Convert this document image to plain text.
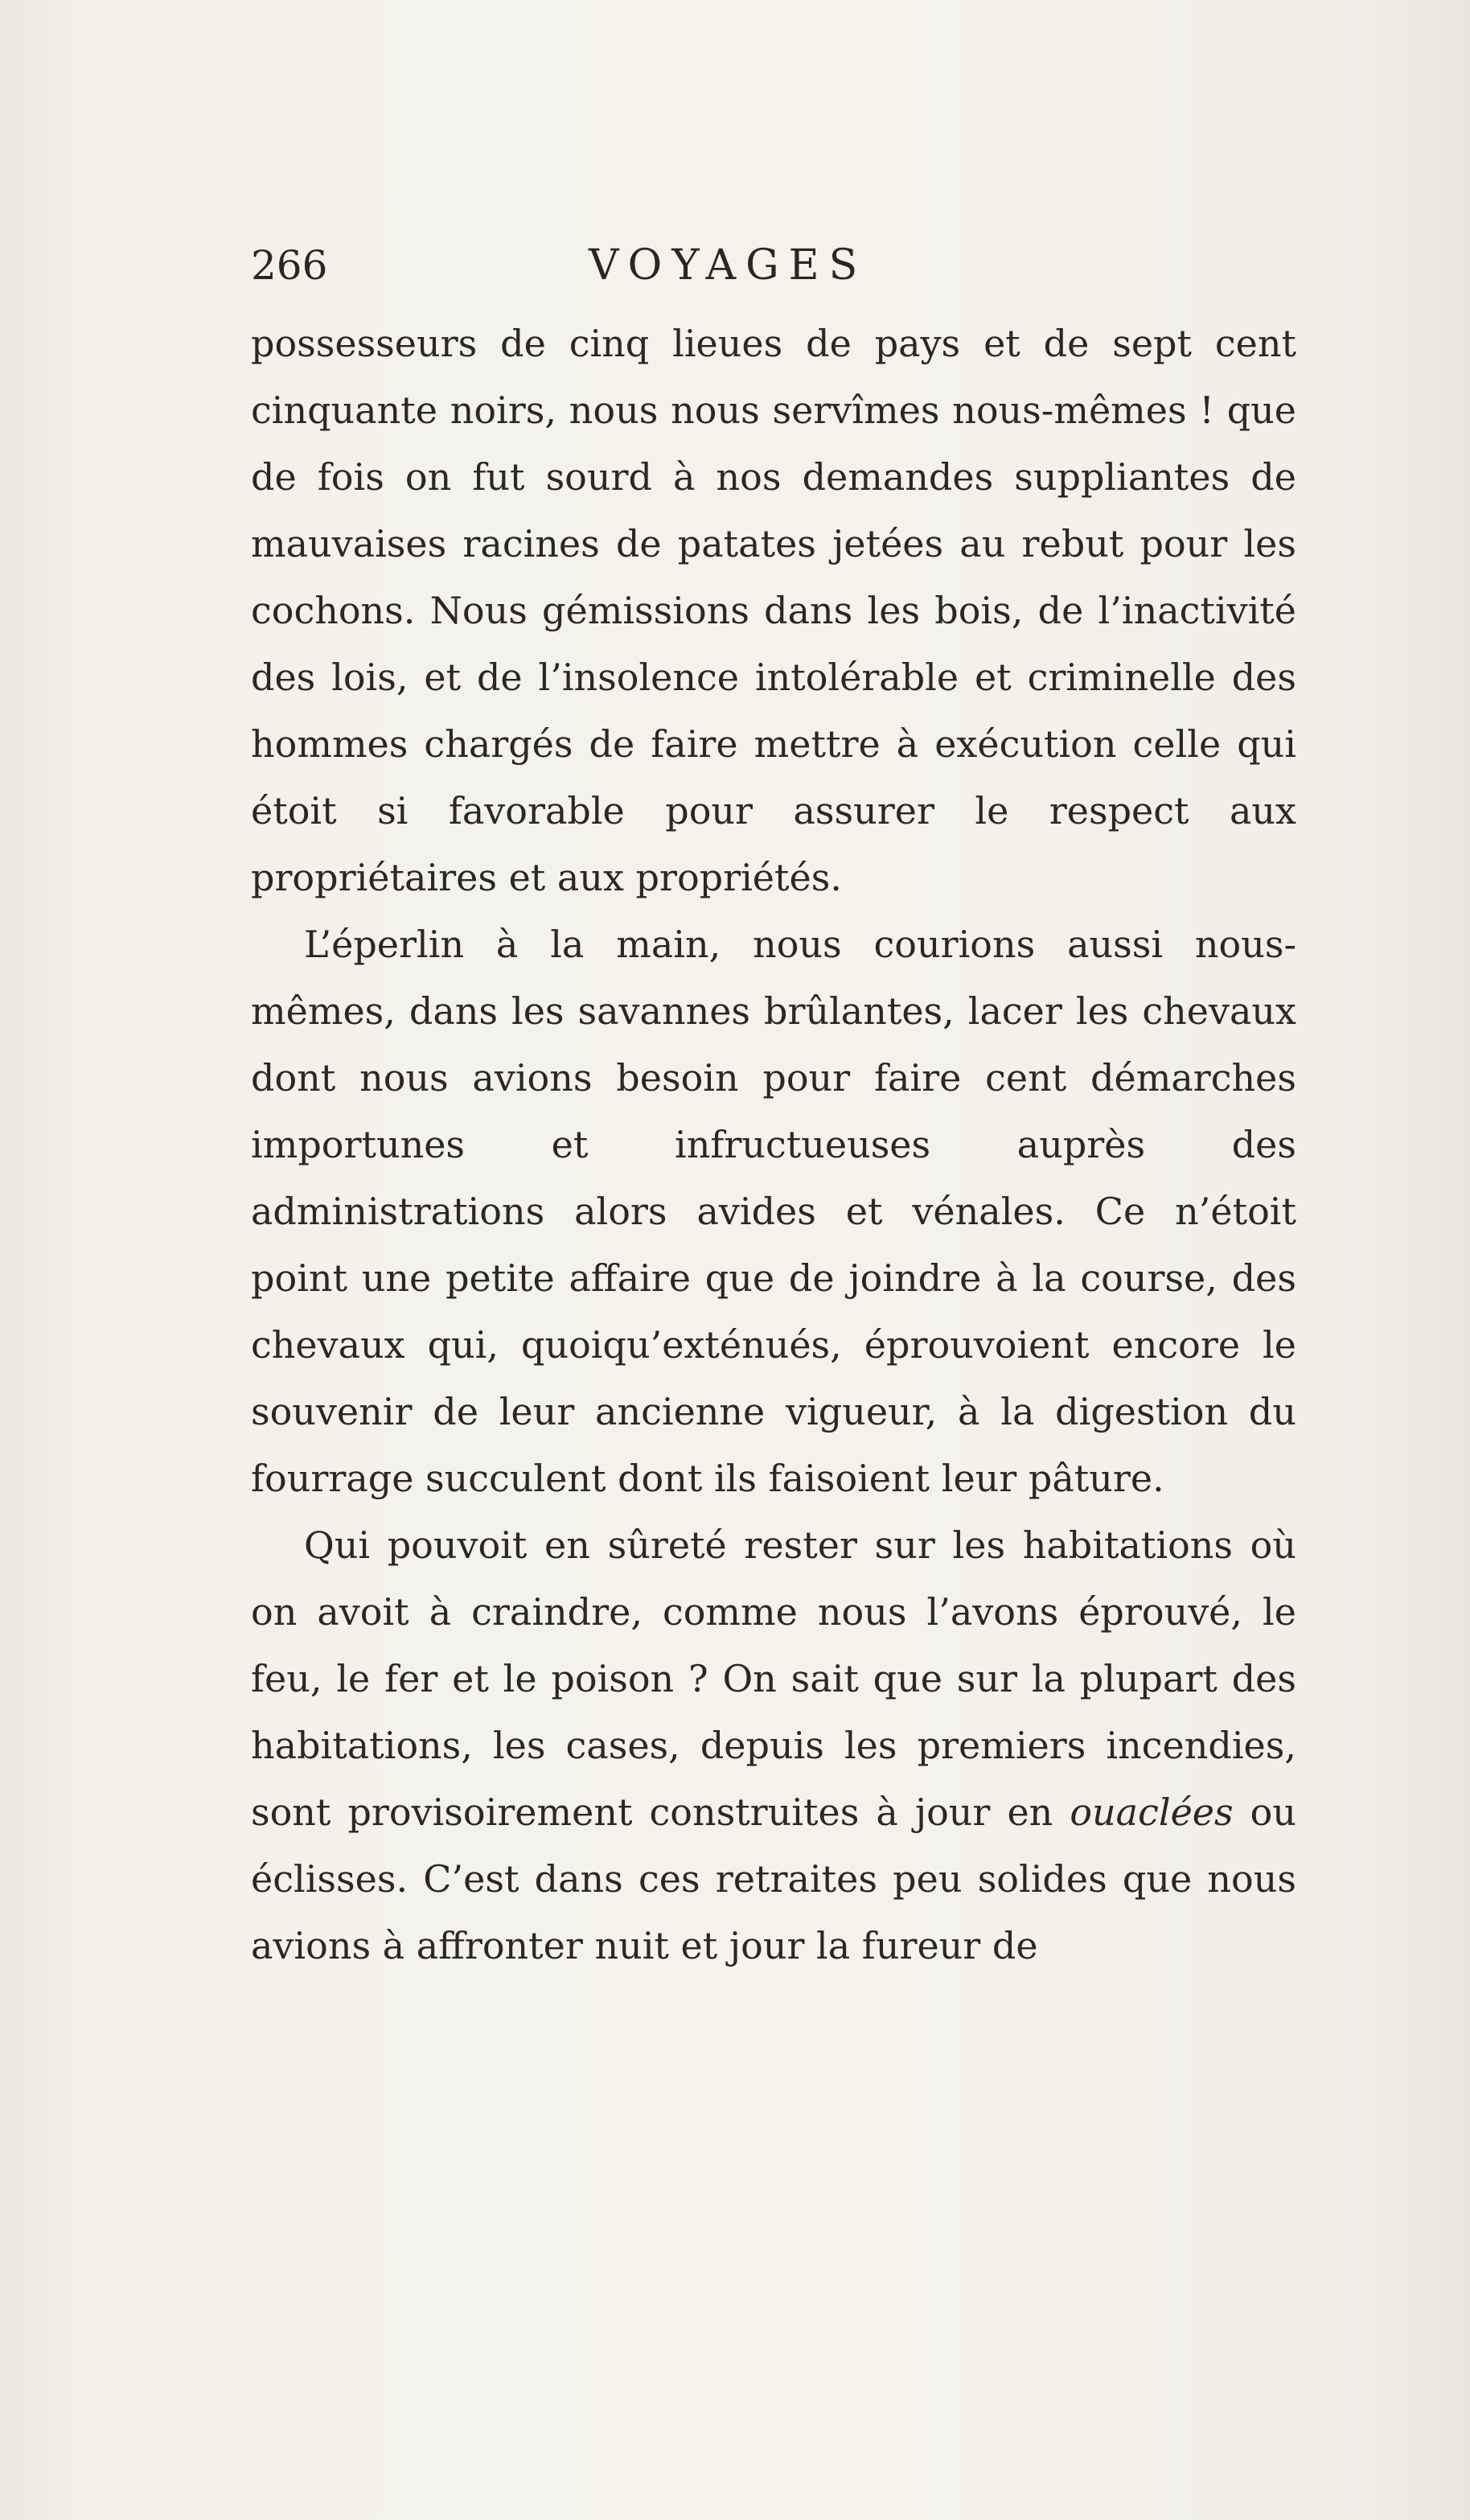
266	VOYAGES

possesseurs de cinq lieues de pays et de sept cent cinquante noirs, nous nous servîmes nous-mêmes ! que de fois on fut sourd à nos demandes suppliantes de mauvaises racines de patates jetées au rebut pour les cochons. Nous gémissions dans les bois, de l’inactivité des lois, et de l’insolence intolérable et criminelle des hommes chargés de faire mettre à exécution celle qui étoit si favorable pour assurer le respect aux propriétaires et aux propriétés.

L’éperlin à la main, nous courions aussi nous-mêmes, dans les savannes brûlantes, lacer les chevaux dont nous avions besoin pour faire cent démarches importunes et infructueuses auprès des administrations alors avides et vénales. Ce n’étoit point une petite affaire que de joindre à la course, des chevaux qui, quoiqu’exténués, éprouvoient encore le souvenir de leur ancienne vigueur, à la digestion du fourrage succulent dont ils faisoient leur pâture.

Qui pouvoit en sûreté rester sur les habitations où on avoit à craindre, comme nous l’avons éprouvé, le feu, le fer et le poison ? On sait que sur la plupart des habitations, les cases, depuis les premiers incendies, sont provisoirement construites à jour en ouaclées ou éclisses. C’est dans ces retraites peu solides que nous avions à affronter nuit et jour la fureur de
